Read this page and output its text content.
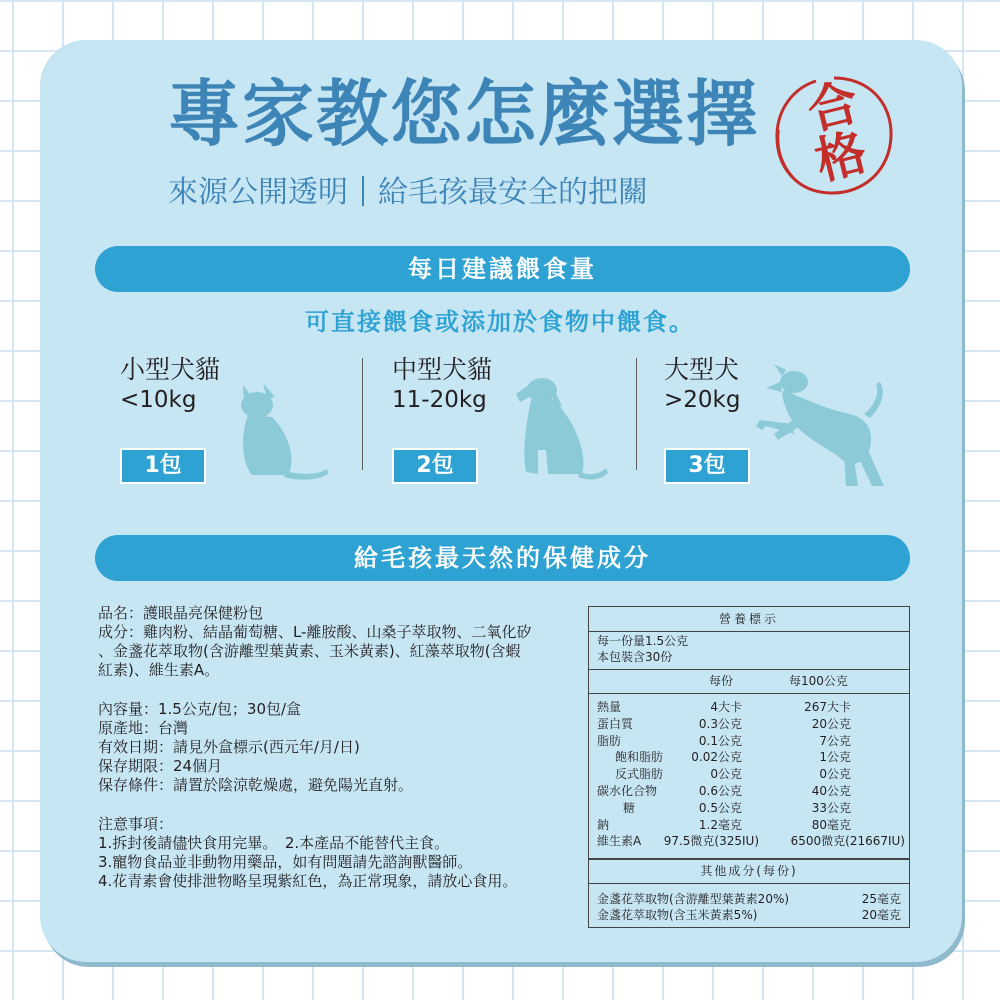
專家教您怎麼選擇
來源公開透明 給毛孩最安全的把關
合
格
每日建議餵食量
可直接餵食或添加於食物中餵食。
小型犬貓
<10kg
1包
中型犬貓
11-20kg
2包
大型犬
>20kg
3包
給毛孩最天然的保健成分

品名：護眼晶亮保健粉包

成分：雞肉粉、結晶葡萄糖、L-離胺酸、山桑子萃取物、二氧化矽

、金盞花萃取物(含游離型葉黃素、玉米黃素)、紅藻萃取物(含蝦

紅素)、維生素A。

內容量：1.5公克/包；30包/盒

原產地：台灣

有效日期：請見外盒標示(西元年/月/日)

保存期限：24個月

保存條件：請置於陰涼乾燥處，避免陽光直射。

注意事項：

1.拆封後請儘快食用完畢。　2.本產品不能替代主食。

3.寵物食品並非動物用藥品，如有問題請先諮詢獸醫師。

4.花青素會使排泄物略呈現紫紅色，為正常現象，請放心食用。

營養標示
每一份量1.5公克
本包裝含30份
每份	每100公克
熱量	4大卡	267大卡
蛋白質	0.3公克	20公克
脂肪	0.1公克	7公克
飽和脂肪 0.02公克	1公克
反式脂肪	0公克	0公克
碳水化合物	0.6公克	40公克
糖	0.5公克	33公克
鈉	1.2毫克	80毫克
維生素A 97.5微克(325IU)	6500微克(21667IU)
其他成分(每份)
金盞花萃取物(含游離型葉黃素20%)	25毫克
金盞花萃取物(含玉米黃素5%)	20毫克
